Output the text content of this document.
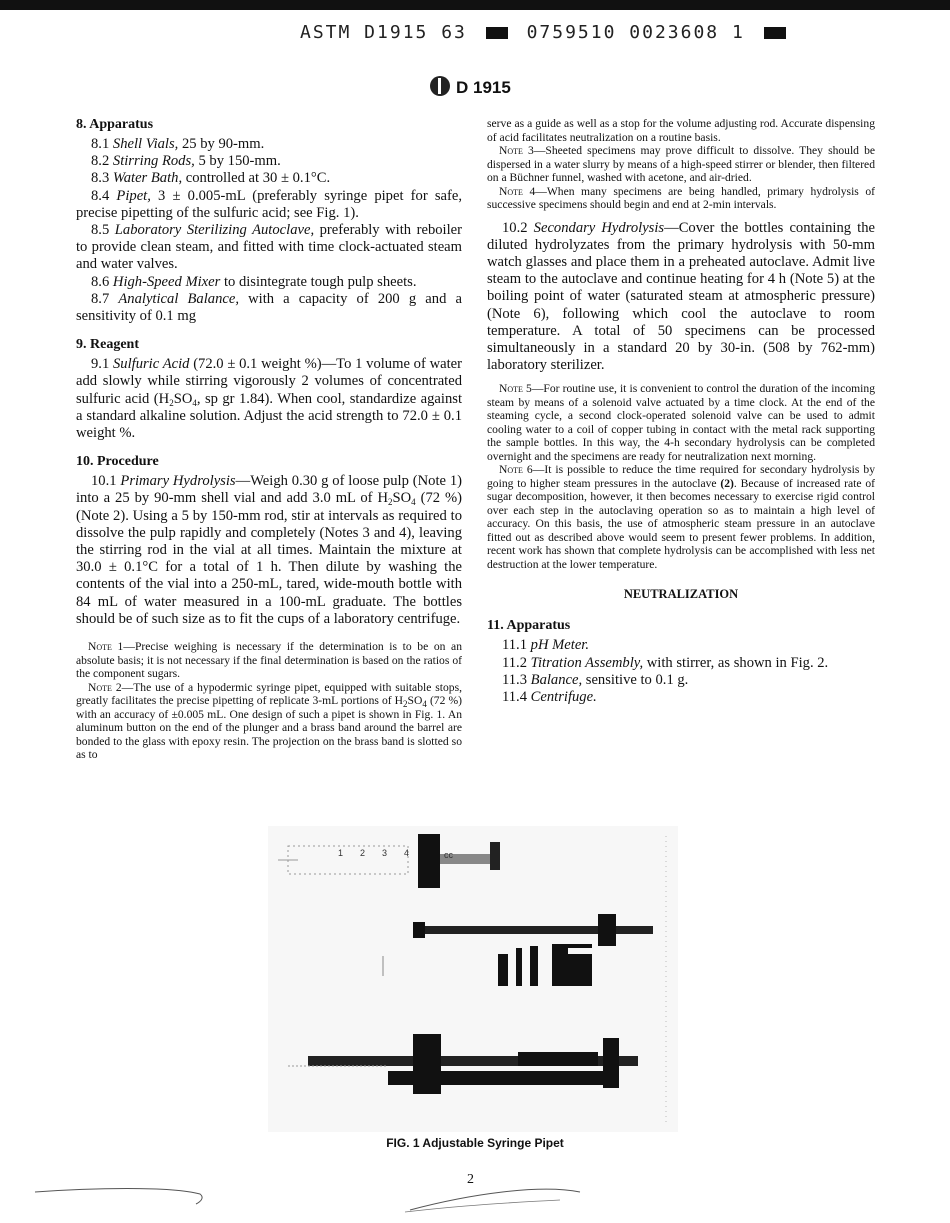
ASTM D1915 63	0759510 0023608 1
D 1915
8. Apparatus

8.1 Shell Vials, 25 by 90-mm.

8.2 Stirring Rods, 5 by 150-mm.

8.3 Water Bath, controlled at 30 ± 0.1°C.

8.4 Pipet, 3 ± 0.005-mL (preferably syringe pipet for safe, precise pipetting of the sulfuric acid; see Fig. 1).

8.5 Laboratory Sterilizing Autoclave, preferably with reboiler to provide clean steam, and fitted with time clock-actuated steam and water valves.

8.6 High-Speed Mixer to disintegrate tough pulp sheets.

8.7 Analytical Balance, with a capacity of 200 g and a sensitivity of 0.1 mg

9. Reagent

9.1 Sulfuric Acid (72.0 ± 0.1 weight %)—To 1 volume of water add slowly while stirring vigorously 2 volumes of concentrated sulfuric acid ($H_2SO_4$, sp gr 1.84). When cool, standardize against a standard alkaline solution. Adjust the acid strength to 72.0 ± 0.1 weight %.

10. Procedure

10.1 Primary Hydrolysis—Weigh 0.30 g of loose pulp (Note 1) into a 25 by 90-mm shell vial and add 3.0 mL of $H_2SO_4$ (72 %) (Note 2). Using a 5 by 150-mm rod, stir at intervals as required to dissolve the pulp rapidly and completely (Notes 3 and 4), leaving the stirring rod in the vial at all times. Maintain the mixture at 30.0 ± 0.1°C for a total of 1 h. Then dilute by washing the contents of the vial into a 250-mL, tared, wide-mouth bottle with 84 mL of water measured in a 100-mL graduate. The bottles should be of such size as to fit the cups of a laboratory centrifuge.

Note 1—Precise weighing is necessary if the determination is to be on an absolute basis; it is not necessary if the final determination is based on the ratios of the component sugars.

Note 2—The use of a hypodermic syringe pipet, equipped with suitable stops, greatly facilitates the precise pipetting of replicate 3-mL portions of $H_2SO_4$ (72 %) with an accuracy of ±0.005 mL. One design of such a pipet is shown in Fig. 1. An aluminum button on the end of the plunger and a brass band around the barrel are bonded to the glass with epoxy resin. The projection on the brass band is slotted so as to

serve as a guide as well as a stop for the volume adjusting rod. Accurate dispensing of acid facilitates neutralization on a routine basis.

Note 3—Sheeted specimens may prove difficult to dissolve. They should be dispersed in a water slurry by means of a high-speed stirrer or blender, then filtered on a Büchner funnel, washed with acetone, and air-dried.

Note 4—When many specimens are being handled, primary hydrolysis of successive specimens should begin and end at 2-min intervals.

10.2 Secondary Hydrolysis—Cover the bottles containing the diluted hydrolyzates from the primary hydrolysis with 50-mm watch glasses and place them in a preheated autoclave. Admit live steam to the autoclave and continue heating for 4 h (Note 5) at the boiling point of water (saturated steam at atmospheric pressure) (Note 6), following which cool the autoclave to room temperature. A total of 50 specimens can be processed simultaneously in a standard 20 by 30-in. (508 by 762-mm) laboratory sterilizer.

Note 5—For routine use, it is convenient to control the duration of the incoming steam by means of a solenoid valve actuated by a time clock. At the end of the steaming cycle, a second clock-operated solenoid valve can be used to admit cooling water to a coil of copper tubing in contact with the metal rack supporting the sample bottles. In this way, the 4-h secondary hydrolysis can be completed overnight and the specimens are ready for neutralization next morning.

Note 6—It is possible to reduce the time required for secondary hydrolysis by going to higher steam pressures in the autoclave (2). Because of increased rate of sugar decomposition, however, it then becomes necessary to exercise rigid control over each step in the autoclaving operation so as to maintain a high level of accuracy. On this basis, the use of atmospheric steam pressure in an autoclave fitted out as described above would seem to present fewer problems. In addition, recent work has shown that complete hydrolysis can be accomplished with less net destruction at the lower temperature.

NEUTRALIZATION

11. Apparatus

11.1 pH Meter.

11.2 Titration Assembly, with stirrer, as shown in Fig. 2.

11.3 Balance, sensitive to 0.1 g.

11.4 Centrifuge.

1 2 3 4	cc
FIG. 1 Adjustable Syringe Pipet
2
